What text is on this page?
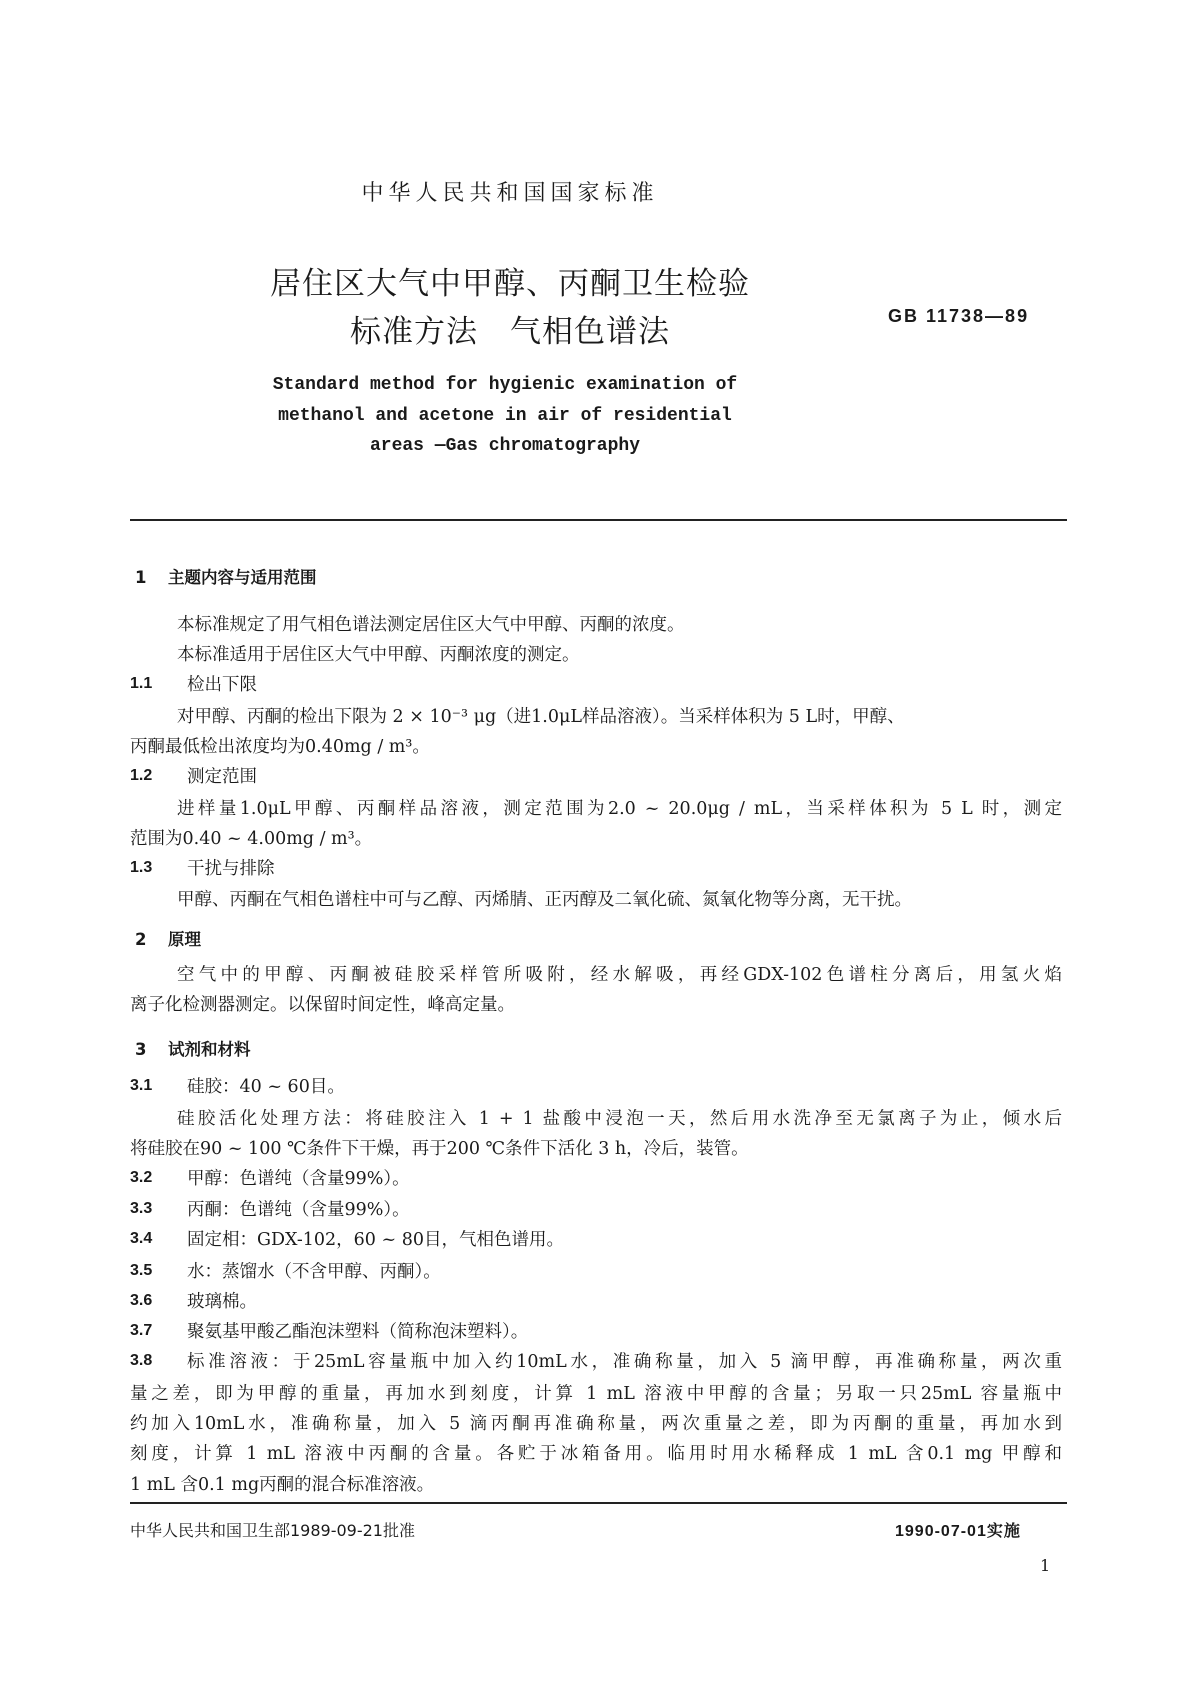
中华人民共和国国家标准
居住区大气中甲醇、丙酮卫生检验
标准方法　气相色谱法	GB 11738—89
Standard method for hygienic examination of
methanol and acetone in air of residential
areas —Gas chromatography
1 主题内容与适用范围
本标准规定了用气相色谱法测定居住区大气中甲醇、丙酮的浓度。
本标准适用于居住区大气中甲醇、丙酮浓度的测定。
1.1 检出下限
对甲醇、丙酮的检出下限为 2 × 10⁻³ μg（进1.0μL样品溶液）。当采样体积为 5 L时，甲醇、
丙酮最低检出浓度均为0.40mg / m³。
1.2 测定范围
进样量1.0μL甲醇、丙酮样品溶液，测定范围为2.0 ~ 20.0μg / mL，当采样体积为 5 L 时，测定
范围为0.40 ~ 4.00mg / m³。
1.3 干扰与排除
甲醇、丙酮在气相色谱柱中可与乙醇、丙烯腈、正丙醇及二氧化硫、氮氧化物等分离，无干扰。
2 原理
空气中的甲醇、丙酮被硅胶采样管所吸附，经水解吸，再经GDX-102色谱柱分离后，用氢火焰
离子化检测器测定。以保留时间定性，峰高定量。
3 试剂和材料
3.1 硅胶：40 ~ 60目。
硅胶活化处理方法：将硅胶注入 1 + 1 盐酸中浸泡一天，然后用水洗净至无氯离子为止，倾水后
将硅胶在90 ~ 100 ℃条件下干燥，再于200 ℃条件下活化 3 h，冷后，装管。
3.2 甲醇：色谱纯（含量99%）。
3.3 丙酮：色谱纯（含量99%）。
3.4 固定相：GDX-102，60 ~ 80目，气相色谱用。
3.5 水：蒸馏水（不含甲醇、丙酮）。
3.6 玻璃棉。
3.7 聚氨基甲酸乙酯泡沫塑料（简称泡沫塑料）。
3.8 标准溶液：于25mL容量瓶中加入约10mL水，准确称量，加入 5 滴甲醇，再准确称量，两次重
量之差，即为甲醇的重量，再加水到刻度，计算 1 mL 溶液中甲醇的含量；另取一只25mL 容量瓶中
约加入10mL水，准确称量，加入 5 滴丙酮再准确称量，两次重量之差，即为丙酮的重量，再加水到
刻度，计算 1 mL 溶液中丙酮的含量。各贮于冰箱备用。临用时用水稀释成 1 mL 含0.1 mg 甲醇和
1 mL 含0.1 mg丙酮的混合标准溶液。
中华人民共和国卫生部1989-09-21批准	1990-07-01实施
1
